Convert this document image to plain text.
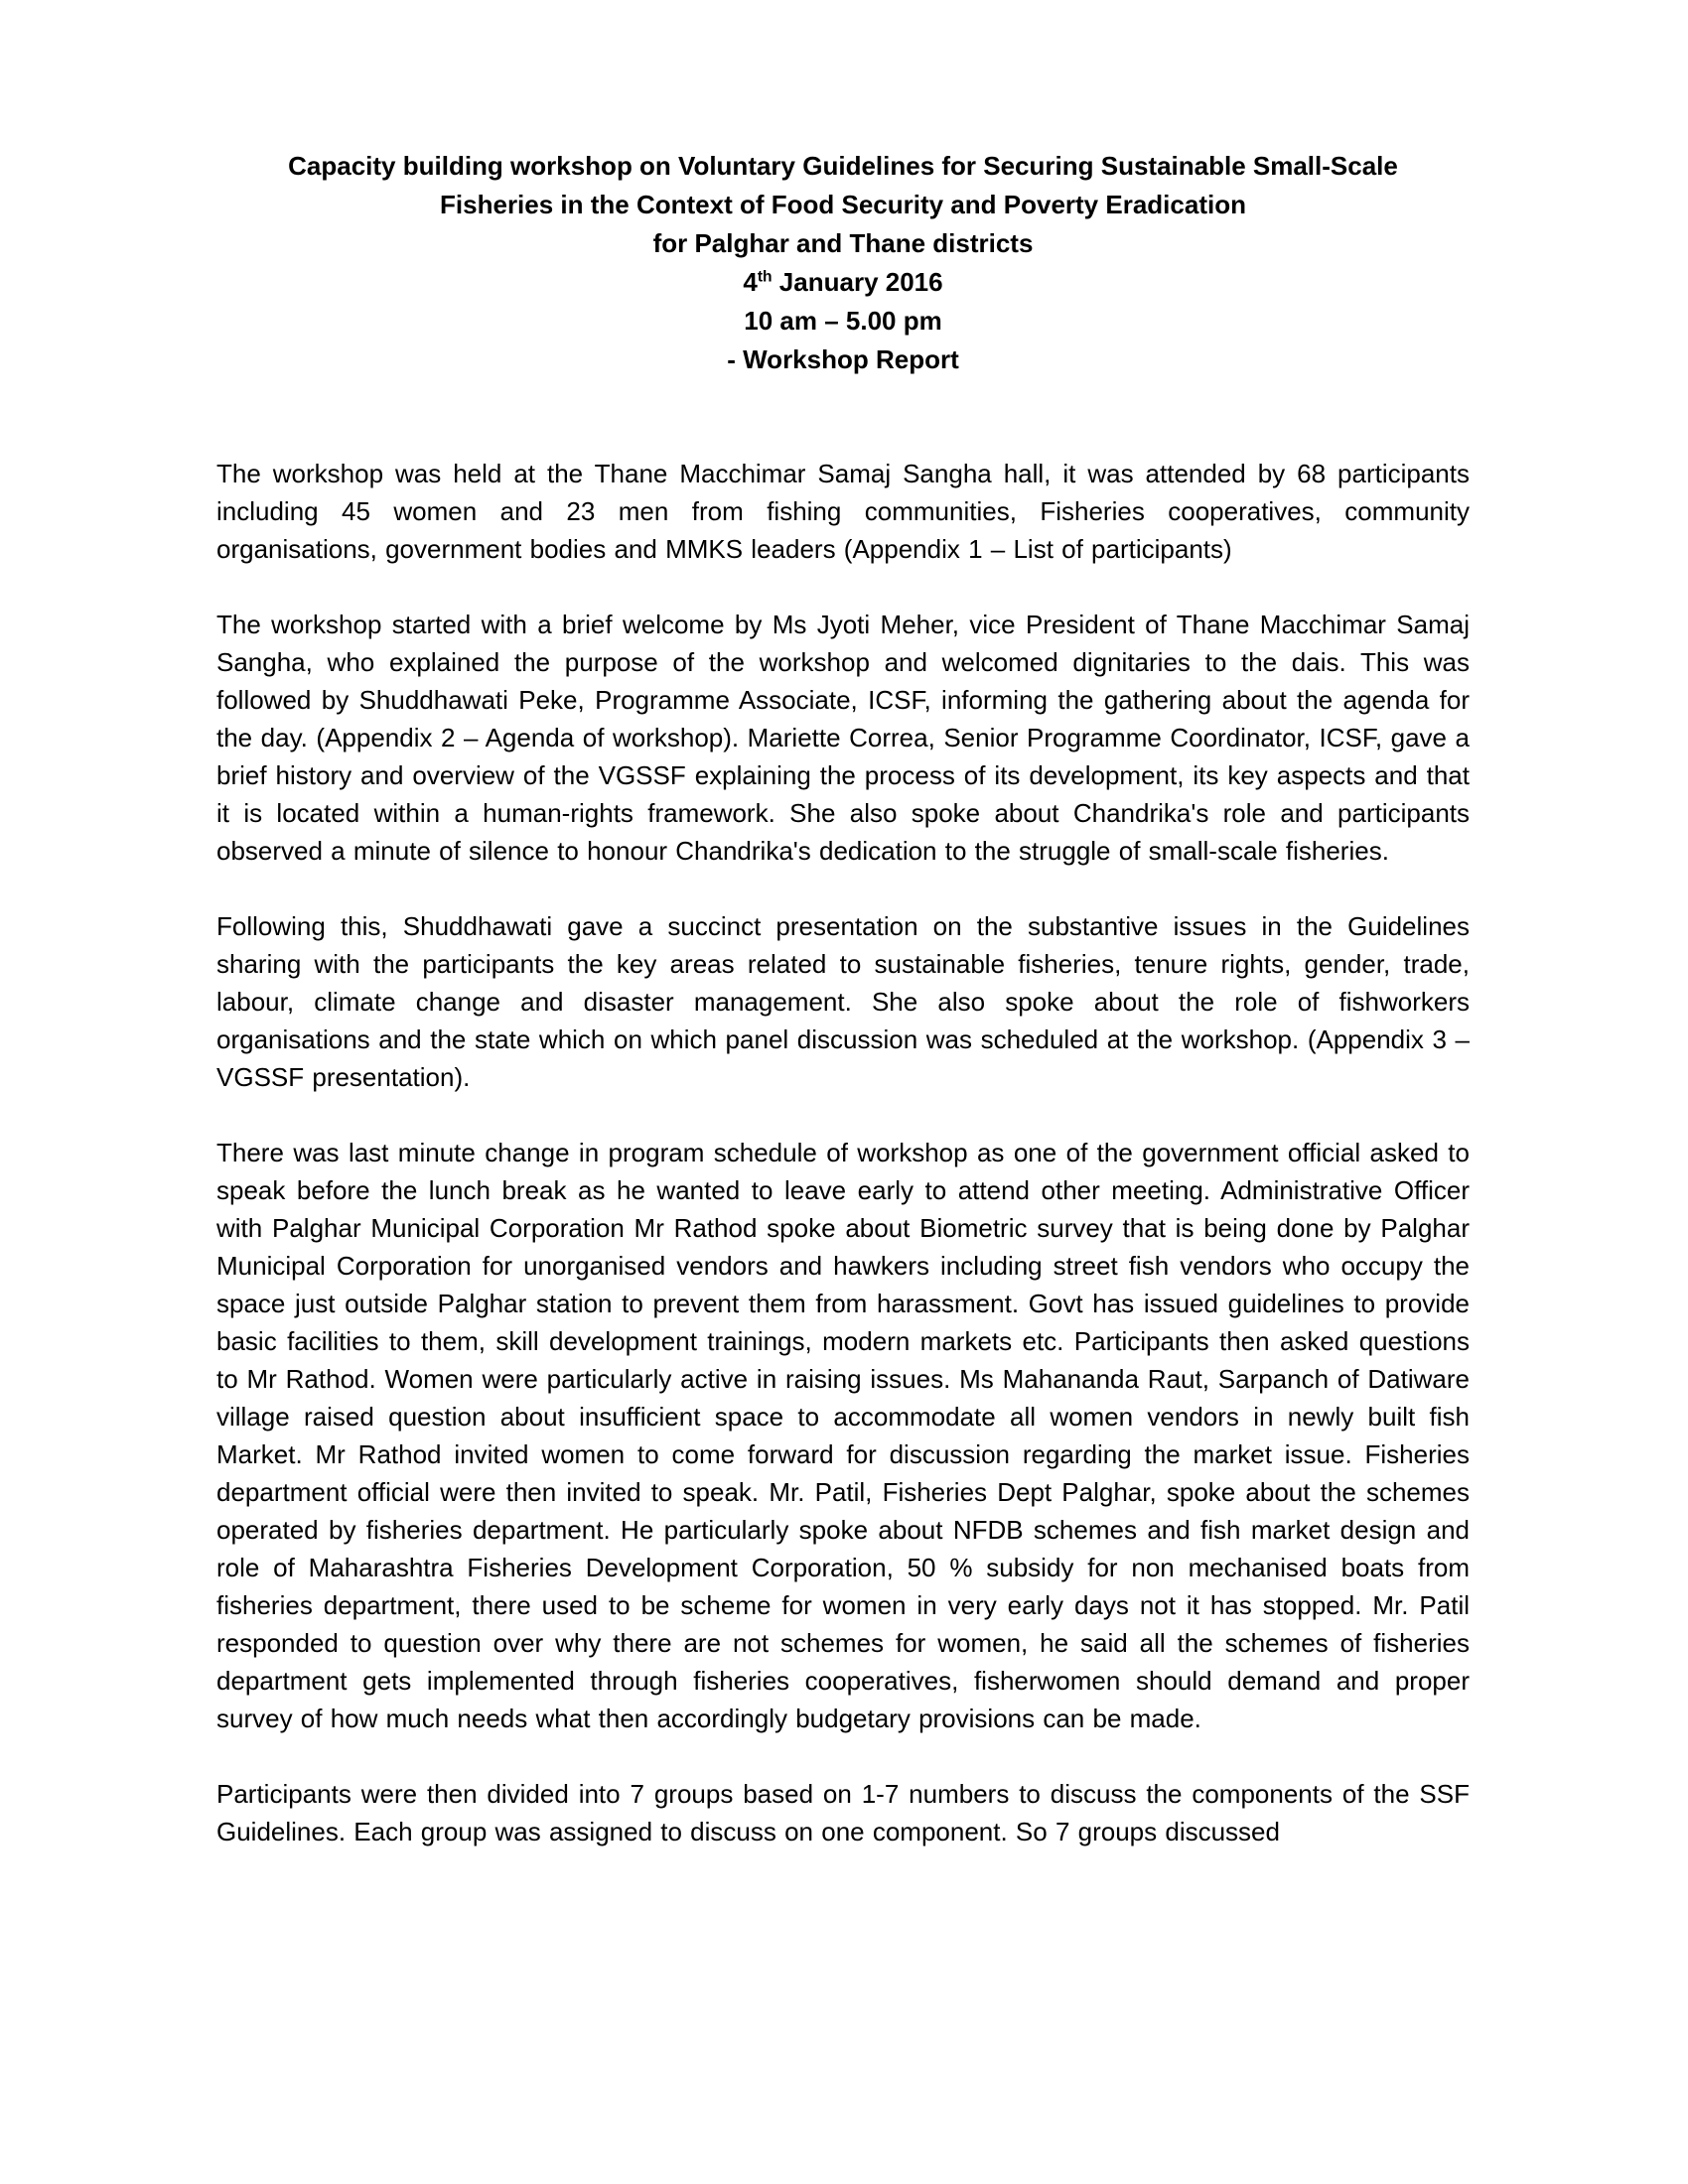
Capacity building workshop on Voluntary Guidelines for Securing Sustainable Small-Scale
Fisheries in the Context of Food Security and Poverty Eradication
for Palghar and Thane districts
4th January 2016
10 am – 5.00 pm
- Workshop Report

The workshop was held at the Thane Macchimar Samaj Sangha hall, it was attended by 68 participants including 45 women and 23 men from fishing communities, Fisheries cooperatives, community organisations, government bodies and MMKS leaders (Appendix 1 – List of participants)

The workshop started with a brief welcome by Ms Jyoti Meher, vice President of Thane Macchimar Samaj Sangha, who explained the purpose of the workshop and welcomed dignitaries to the dais. This was followed by Shuddhawati Peke, Programme Associate, ICSF, informing the gathering about the agenda for the day. (Appendix 2 – Agenda of workshop). Mariette Correa, Senior Programme Coordinator, ICSF, gave a brief history and overview of the VGSSF explaining the process of its development, its key aspects and that it is located within a human-rights framework. She also spoke about Chandrika's role and participants observed a minute of silence to honour Chandrika's dedication to the struggle of small-scale fisheries.

Following this, Shuddhawati gave a succinct presentation on the substantive issues in the Guidelines sharing with the participants the key areas related to sustainable fisheries, tenure rights, gender, trade, labour, climate change and disaster management. She also spoke about the role of fishworkers organisations and the state which on which panel discussion was scheduled at the workshop. (Appendix 3 – VGSSF presentation).

There was last minute change in program schedule of workshop as one of the government official asked to speak before the lunch break as he wanted to leave early to attend other meeting. Administrative Officer with Palghar Municipal Corporation Mr Rathod spoke about Biometric survey that is being done by Palghar Municipal Corporation for unorganised vendors and hawkers including street fish vendors who occupy the space just outside Palghar station to prevent them from harassment. Govt has issued guidelines to provide basic facilities to them, skill development trainings, modern markets etc. Participants then asked questions to Mr Rathod. Women were particularly active in raising issues. Ms Mahananda Raut, Sarpanch of Datiware village raised question about insufficient space to accommodate all women vendors in newly built fish Market. Mr Rathod invited women to come forward for discussion regarding the market issue. Fisheries department official were then invited to speak. Mr. Patil, Fisheries Dept Palghar, spoke about the schemes operated by fisheries department. He particularly spoke about NFDB schemes and fish market design and role of Maharashtra Fisheries Development Corporation, 50 % subsidy for non mechanised boats from fisheries department, there used to be scheme for women in very early days not it has stopped. Mr. Patil responded to question over why there are not schemes for women, he said all the schemes of fisheries department gets implemented through fisheries cooperatives, fisherwomen should demand and proper survey of how much needs what then accordingly budgetary provisions can be made.

Participants were then divided into 7 groups based on 1-7 numbers to discuss the components of the SSF Guidelines. Each group was assigned to discuss on one component. So 7 groups discussed
